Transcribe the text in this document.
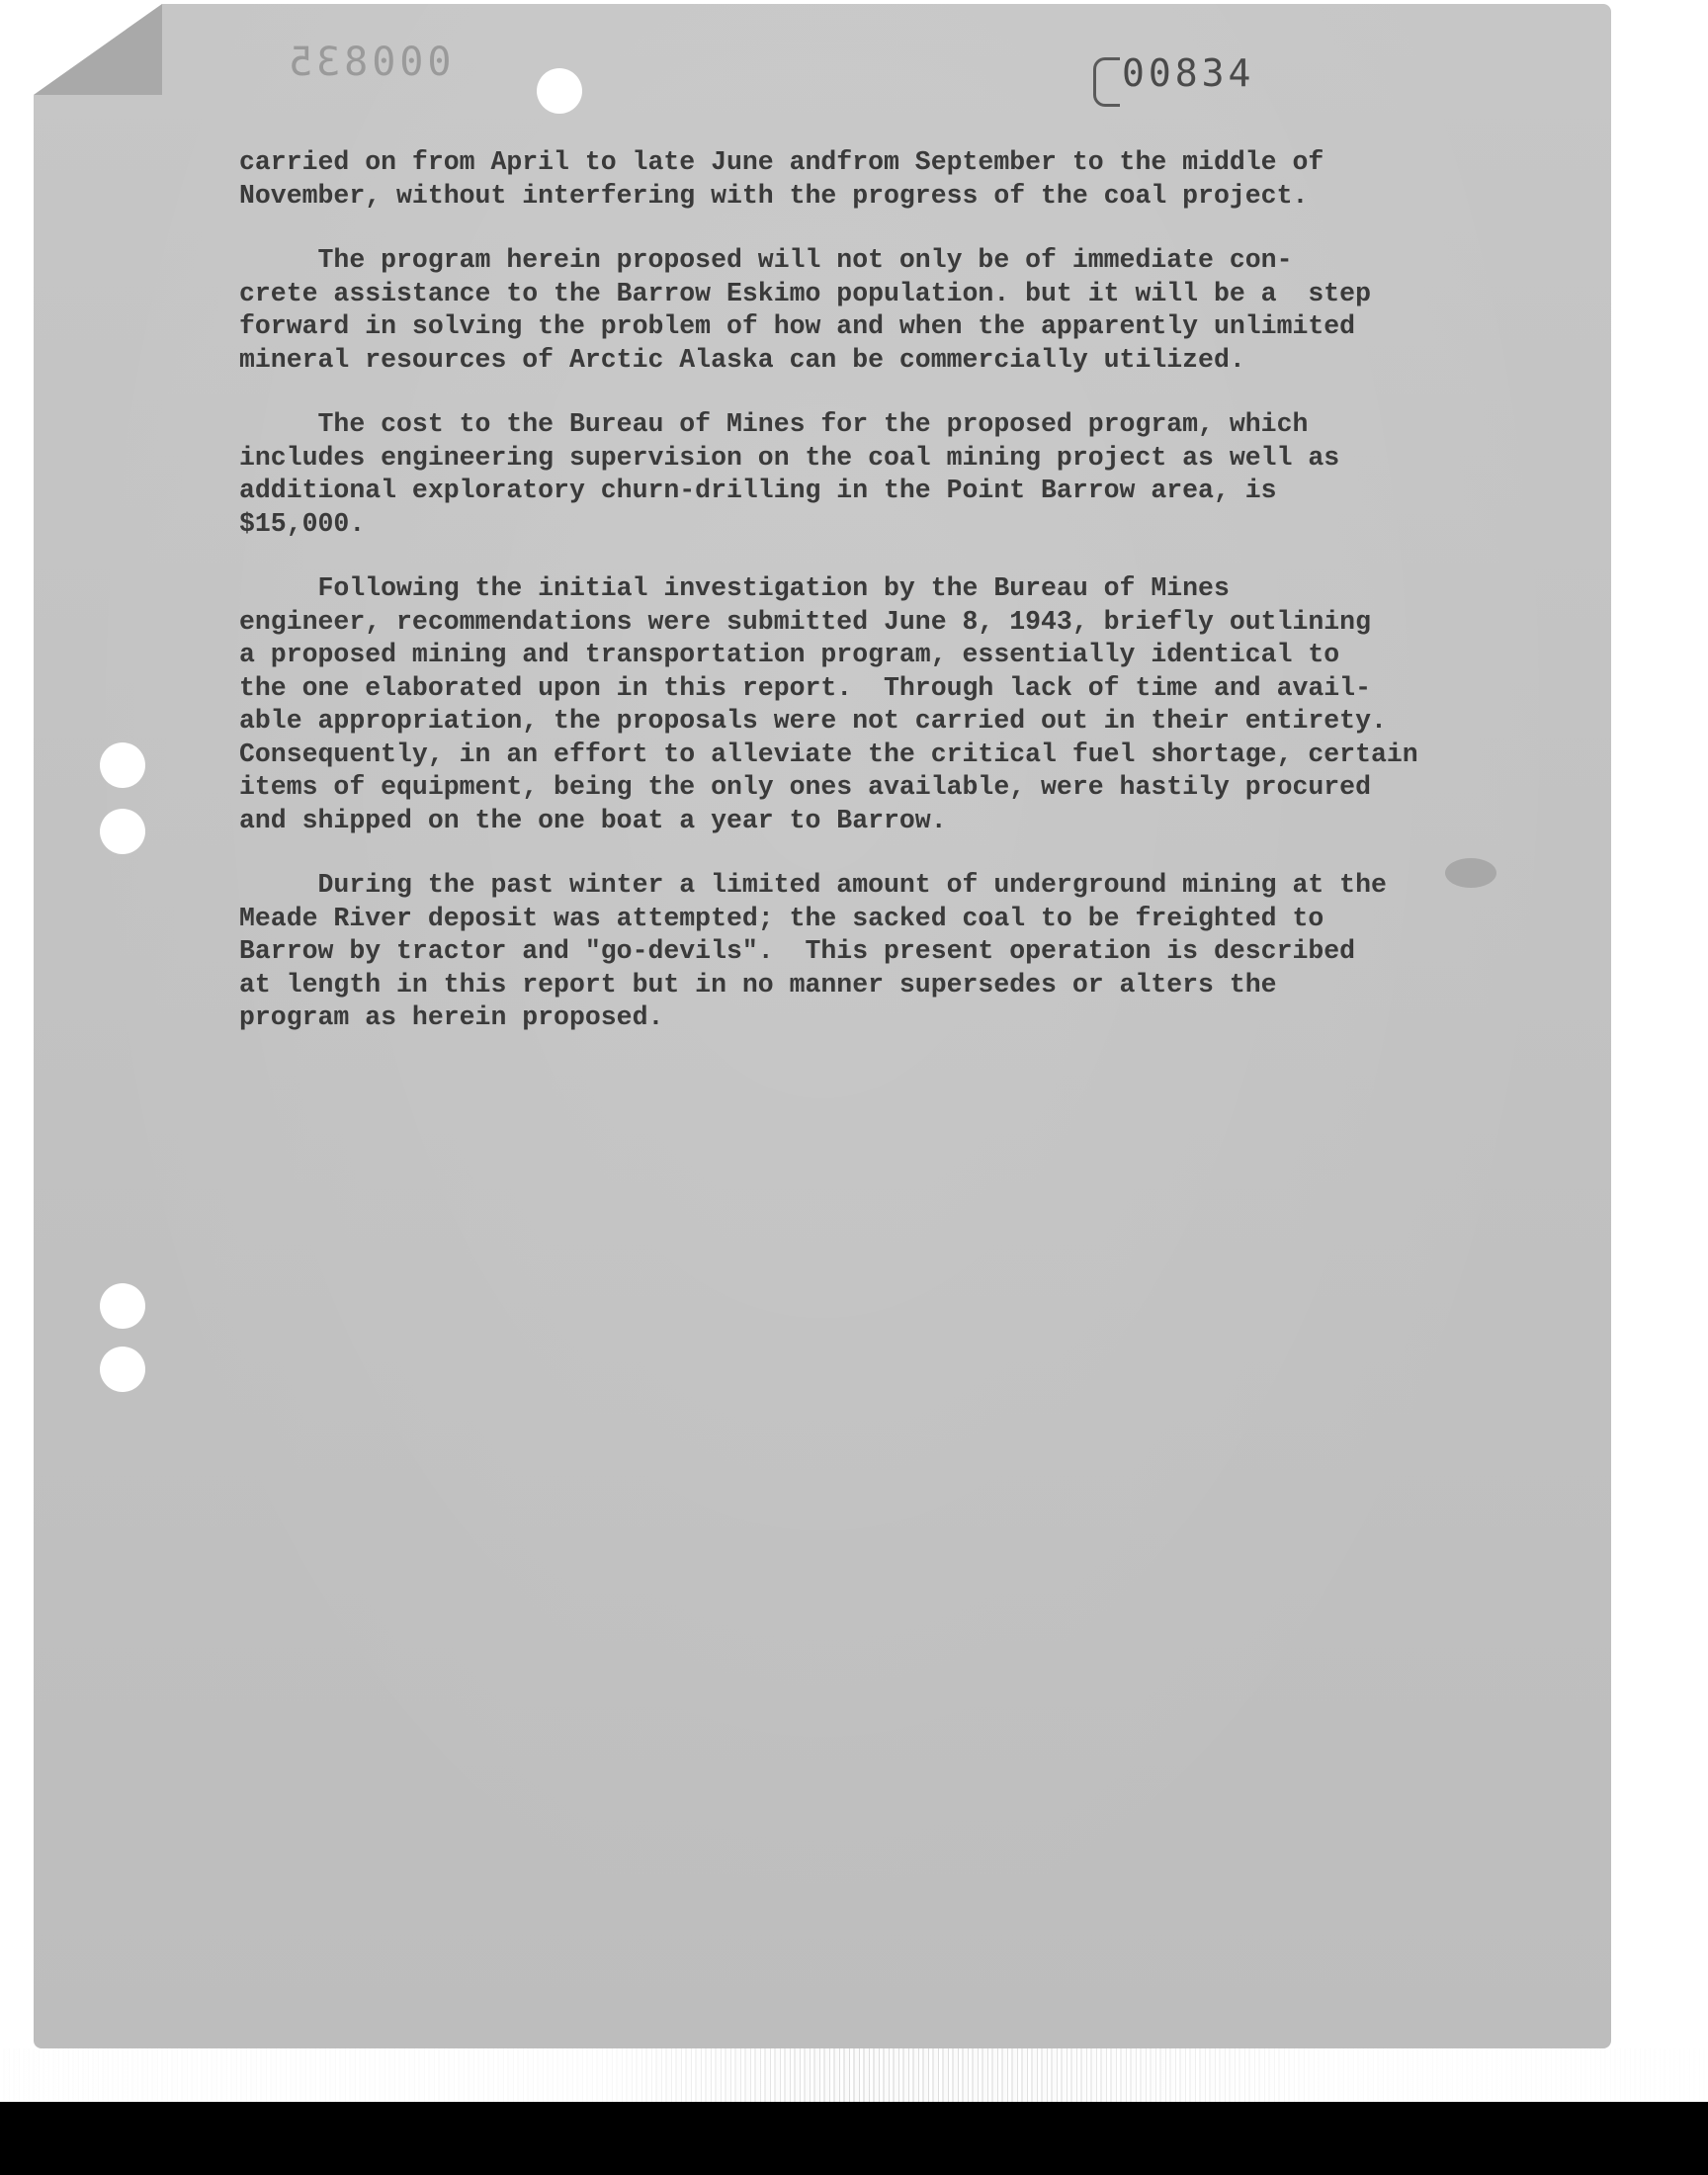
000835	00834
carried on from April to late June andfrom September to the middle of
November, without interfering with the progress of the coal project.
The program herein proposed will not only be of immediate con-
crete assistance to the Barrow Eskimo population. but it will be a  step
forward in solving the problem of how and when the apparently unlimited
mineral resources of Arctic Alaska can be commercially utilized.
The cost to the Bureau of Mines for the proposed program, which
includes engineering supervision on the coal mining project as well as
additional exploratory churn-drilling in the Point Barrow area, is
$15,000.
Following the initial investigation by the Bureau of Mines
engineer, recommendations were submitted June 8, 1943, briefly outlining
a proposed mining and transportation program, essentially identical to
the one elaborated upon in this report.  Through lack of time and avail-
able appropriation, the proposals were not carried out in their entirety.
Consequently, in an effort to alleviate the critical fuel shortage, certain
items of equipment, being the only ones available, were hastily procured
and shipped on the one boat a year to Barrow.
During the past winter a limited amount of underground mining at the
Meade River deposit was attempted; the sacked coal to be freighted to
Barrow by tractor and "go-devils".  This present operation is described
at length in this report but in no manner supersedes or alters the
program as herein proposed.
